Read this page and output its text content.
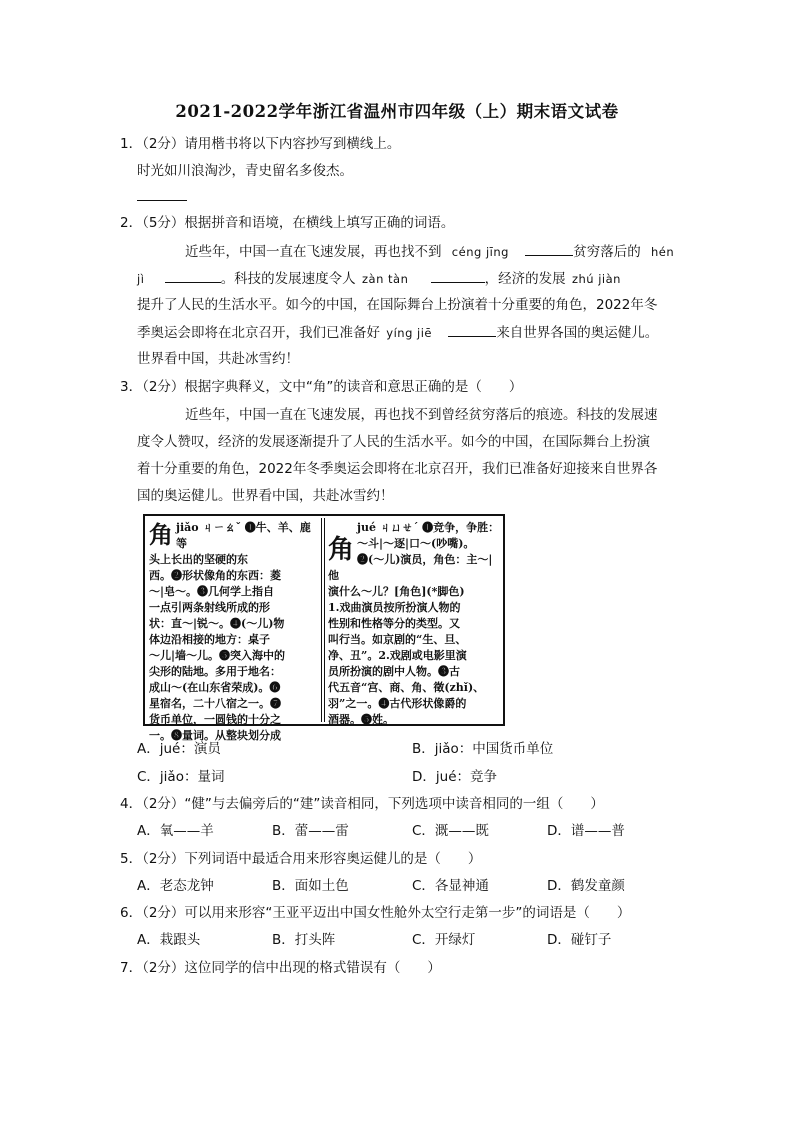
2021-2022学年浙江省温州市四年级（上）期末语文试卷
1．（2分）请用楷书将以下内容抄写到横线上。
时光如川浪淘沙，青史留名多俊杰。
2．（5分）根据拼音和语境，在横线上填写正确的词语。
近些年，中国一直在飞速发展，再也找不到 céng jīng	贫穷落后的 hén
jì	。科技的发展速度令人 zàn tàn	，经济的发展 zhú jiàn
提升了人民的生活水平。如今的中国，在国际舞台上扮演着十分重要的角色，2022年冬
季奥运会即将在北京召开，我们已准备好 yíng jiē	来自世界各国的奥运健儿。
世界看中国，共赴冰雪约！
3．（2分）根据字典释义，文中“角”的读音和意思正确的是（　　）
近些年，中国一直在飞速发展，再也找不到曾经贫穷落后的痕迹。科技的发展速
度令人赞叹，经济的发展逐渐提升了人民的生活水平。如今的中国，在国际舞台上扮演
着十分重要的角色，2022年冬季奥运会即将在北京召开，我们已准备好迎接来自世界各
国的奥运健儿。世界看中国，共赴冰雪约！
角 jiǎo ㄐㄧㄠˇ ❶牛、羊、鹿等
头上长出的坚硬的东
西。❷形状像角的东西：菱
～|皂～。❸几何学上指自
一点引两条射线所成的形
状：直～|锐～。❹(～儿)物
体边沿相接的地方：桌子
～儿|墙～儿。❺突入海中的
尖形的陆地。多用于地名：
成山～(在山东省荣成)。❻
星宿名，二十八宿之一。❼
货币单位，一圆钱的十分之
一。❽量词。从整块划分成
角
jué ㄐㄩㄝˊ ❶竞争，争胜：
～斗|～逐|口～(吵嘴)。
❷(～儿)演员，角色：主～|他
演什么～儿？[角色](*脚色)
1.戏曲演员按所扮演人物的
性别和性格等分的类型。又
叫行当。如京剧的“生、旦、
净、丑”。2.戏剧或电影里演
员所扮演的剧中人物。❸古
代五音“宫、商、角、徵(zhǐ)、
羽”之一。❹古代形状像爵的
酒器。❺姓。
A．jué：演员	B．jiǎo：中国货币单位
C．jiǎo：量词	D．jué：竞争
4．（2分）“健”与去偏旁后的“建”读音相同，下列选项中读音相同的一组（　　）
A．氧——羊	B．蕾——雷	C．溉——既	D．谱——普
5．（2分）下列词语中最适合用来形容奥运健儿的是（　　）
A．老态龙钟	B．面如土色	C．各显神通	D．鹤发童颜
6．（2分）可以用来形容“王亚平迈出中国女性舱外太空行走第一步”的词语是（　　）
A．栽跟头	B．打头阵	C．开绿灯	D．碰钉子
7．（2分）这位同学的信中出现的格式错误有（　　）
